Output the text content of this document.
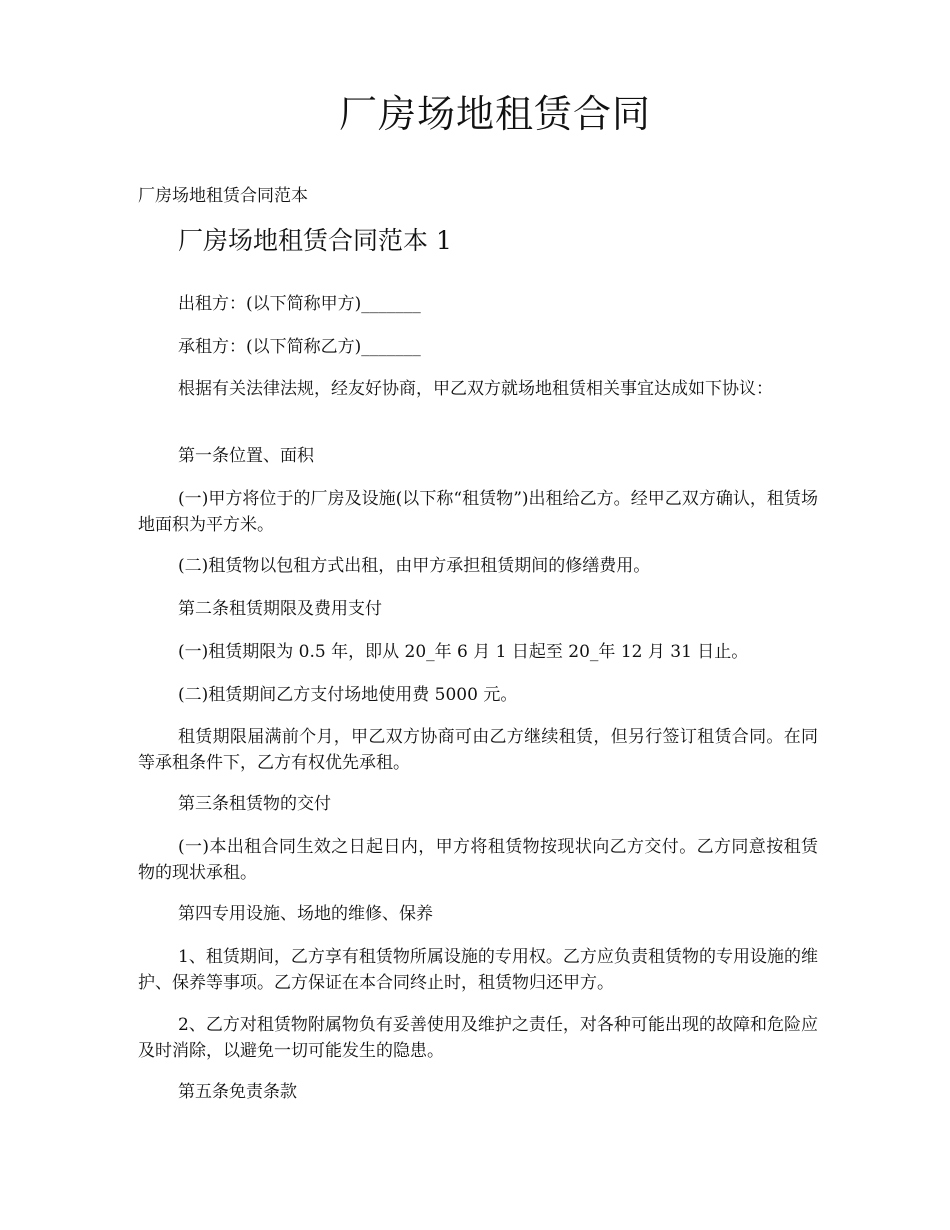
厂房场地租赁合同
厂房场地租赁合同范本
厂房场地租赁合同范本 1
出租方：(以下简称甲方)_______
承租方：(以下简称乙方)_______

根据有关法律法规，经友好协商，甲乙双方就场地租赁相关事宜达成如下协议：

第一条位置、面积

(一)甲方将位于的厂房及设施(以下称“租赁物”)出租给乙方。经甲乙双方确认，租赁场地面积为平方米。

(二)租赁物以包租方式出租，由甲方承担租赁期间的修缮费用。

第二条租赁期限及费用支付

(一)租赁期限为 0.5 年，即从 20_年 6 月 1 日起至 20_年 12 月 31 日止。

(二)租赁期间乙方支付场地使用费 5000 元。

租赁期限届满前个月，甲乙双方协商可由乙方继续租赁，但另行签订租赁合同。在同等承租条件下，乙方有权优先承租。

第三条租赁物的交付

(一)本出租合同生效之日起日内，甲方将租赁物按现状向乙方交付。乙方同意按租赁物的现状承租。

第四专用设施、场地的维修、保养

1、租赁期间，乙方享有租赁物所属设施的专用权。乙方应负责租赁物的专用设施的维护、保养等事项。乙方保证在本合同终止时，租赁物归还甲方。

2、乙方对租赁物附属物负有妥善使用及维护之责任，对各种可能出现的故障和危险应及时消除，以避免一切可能发生的隐患。

第五条免责条款
